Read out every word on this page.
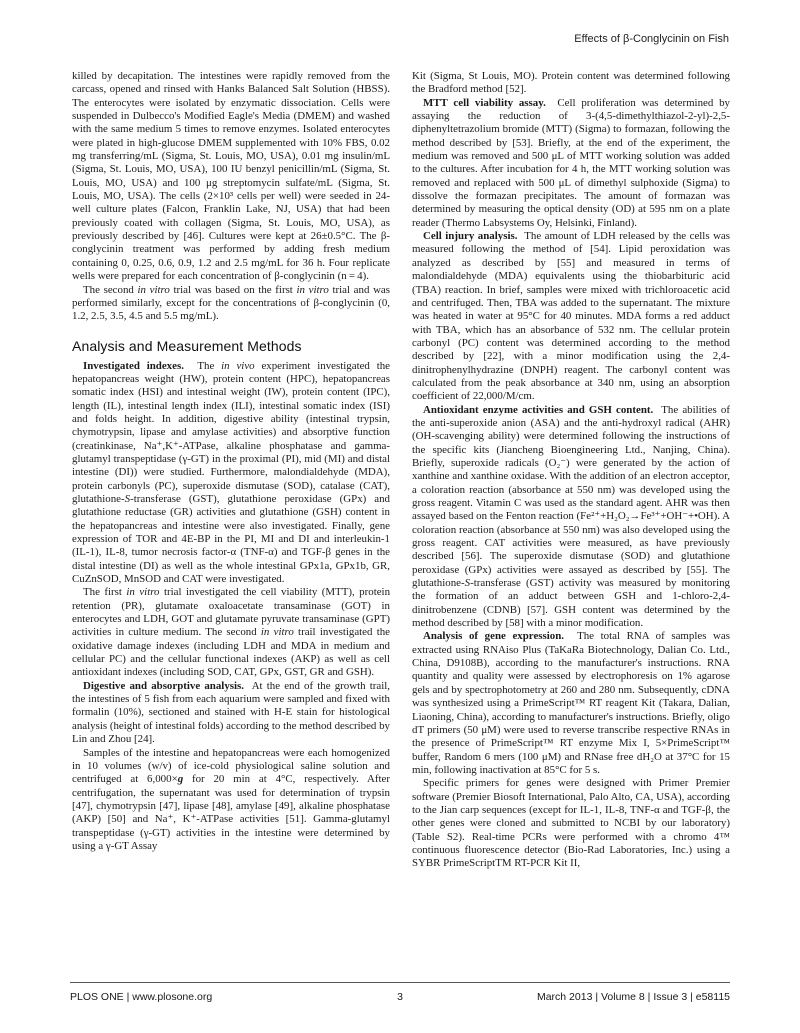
Effects of β-Conglycinin on Fish

killed by decapitation. The intestines were rapidly removed from the carcass, opened and rinsed with Hanks Balanced Salt Solution (HBSS). The enterocytes were isolated by enzymatic dissociation. Cells were suspended in Dulbecco's Modified Eagle's Media (DMEM) and washed with the same medium 5 times to remove enzymes. Isolated enterocytes were plated in high-glucose DMEM supplemented with 10% FBS, 0.02 mg transferring/mL (Sigma, St. Louis, MO, USA), 0.01 mg insulin/mL (Sigma, St. Louis, MO, USA), 100 IU benzyl penicillin/mL (Sigma, St. Louis, MO, USA) and 100 μg streptomycin sulfate/mL (Sigma, St. Louis, MO, USA). The cells (2×10³ cells per well) were seeded in 24-well culture plates (Falcon, Franklin Lake, NJ, USA) that had been previously coated with collagen (Sigma, St. Louis, MO, USA), as previously described by [46]. Cultures were kept at 26±0.5°C. The β-conglycinin treatment was performed by adding fresh medium containing 0, 0.25, 0.6, 0.9, 1.2 and 2.5 mg/mL for 36 h. Four replicate wells were prepared for each concentration of β-conglycinin (n = 4).

The second in vitro trial was based on the first in vitro trial and was performed similarly, except for the concentrations of β-conglycinin (0, 1.2, 2.5, 3.5, 4.5 and 5.5 mg/mL).

Analysis and Measurement Methods

Investigated indexes.  The in vivo experiment investigated the hepatopancreas weight (HW), protein content (HPC), hepatopancreas somatic index (HSI) and intestinal weight (IW), protein content (IPC), length (IL), intestinal length index (ILI), intestinal somatic index (ISI) and folds height. In addition, digestive ability (intestinal trypsin, chymotrypsin, lipase and amylase activities) and absorptive function (creatinkinase, Na⁺,K⁺-ATPase, alkaline phosphatase and gamma-glutamyl transpeptidase (γ-GT) in the proximal (PI), mid (MI) and distal intestine (DI)) were studied. Furthermore, malondialdehyde (MDA), protein carbonyls (PC), superoxide dismutase (SOD), catalase (CAT), glutathione-S-transferase (GST), glutathione peroxidase (GPx) and glutathione reductase (GR) activities and glutathione (GSH) content in the hepatopancreas and intestine were also investigated. Finally, gene expression of TOR and 4E-BP in the PI, MI and DI and interleukin-1 (IL-1), IL-8, tumor necrosis factor-α (TNF-α) and TGF-β genes in the distal intestine (DI) as well as the whole intestinal GPx1a, GPx1b, GR, CuZnSOD, MnSOD and CAT were investigated.

The first in vitro trial investigated the cell viability (MTT), protein retention (PR), glutamate oxaloacetate transaminase (GOT) in enterocytes and LDH, GOT and glutamate pyruvate transaminase (GPT) activities in culture medium. The second in vitro trail investigated the oxidative damage indexes (including LDH and MDA in medium and cellular PC) and the cellular functional indexes (AKP) as well as cell antioxidant indexes (including SOD, CAT, GPx, GST, GR and GSH).

Digestive and absorptive analysis.  At the end of the growth trail, the intestines of 5 fish from each aquarium were sampled and fixed with formalin (10%), sectioned and stained with H-E stain for histological analysis (height of intestinal folds) according to the method described by Lin and Zhou [24].

Samples of the intestine and hepatopancreas were each homogenized in 10 volumes (w/v) of ice-cold physiological saline solution and centrifuged at 6,000×g for 20 min at 4°C, respectively. After centrifugation, the supernatant was used for determination of trypsin [47], chymotrypsin [47], lipase [48], amylase [49], alkaline phosphatase (AKP) [50] and Na⁺, K⁺-ATPase activities [51]. Gamma-glutamyl transpeptidase (γ-GT) activities in the intestine were determined by using a γ-GT Assay

Kit (Sigma, St Louis, MO). Protein content was determined following the Bradford method [52].

MTT cell viability assay.  Cell proliferation was determined by assaying the reduction of 3-(4,5-dimethylthiazol-2-yl)-2,5-diphenyltetrazolium bromide (MTT) (Sigma) to formazan, following the method described by [53]. Briefly, at the end of the experiment, the medium was removed and 500 μL of MTT working solution was added to the cultures. After incubation for 4 h, the MTT working solution was removed and replaced with 500 μL of dimethyl sulphoxide (Sigma) to dissolve the formazan precipitates. The amount of formazan was determined by measuring the optical density (OD) at 595 nm on a plate reader (Thermo Labsystems Oy, Helsinki, Finland).

Cell injury analysis.  The amount of LDH released by the cells was measured following the method of [54]. Lipid peroxidation was analyzed as described by [55] and measured in terms of malondialdehyde (MDA) equivalents using the thiobarbituric acid (TBA) reaction. In brief, samples were mixed with trichloroacetic acid and centrifuged. Then, TBA was added to the supernatant. The mixture was heated in water at 95°C for 40 minutes. MDA forms a red adduct with TBA, which has an absorbance of 532 nm. The cellular protein carbonyl (PC) content was determined according to the method described by [22], with a minor modification using the 2,4-dinitrophenylhydrazine (DNPH) reagent. The carbonyl content was calculated from the peak absorbance at 340 nm, using an absorption coefficient of 22,000/M/cm.

Antioxidant enzyme activities and GSH content.  The abilities of the anti-superoxide anion (ASA) and the anti-hydroxyl radical (AHR) (OH-scavenging ability) were determined following the instructions of the specific kits (Jiancheng Bioengineering Ltd., Nanjing, China). Briefly, superoxide radicals (O₂⁻) were generated by the action of xanthine and xanthine oxidase. With the addition of an electron acceptor, a coloration reaction (absorbance at 550 nm) was developed using the gross reagent. Vitamin C was used as the standard agent. AHR was then assayed based on the Fenton reaction (Fe²⁺+H₂O₂→Fe³⁺+OH⁻+•OH). A coloration reaction (absorbance at 550 nm) was also developed using the gross reagent. CAT activities were measured, as have previously described [56]. The superoxide dismutase (SOD) and glutathione peroxidase (GPx) activities were assayed as described by [55]. The glutathione-S-transferase (GST) activity was measured by monitoring the formation of an adduct between GSH and 1-chloro-2,4-dinitrobenzene (CDNB) [57]. GSH content was determined by the method described by [58] with a minor modification.

Analysis of gene expression.  The total RNA of samples was extracted using RNAiso Plus (TaKaRa Biotechnology, Dalian Co. Ltd., China, D9108B), according to the manufacturer's instructions. RNA quantity and quality were assessed by electrophoresis on 1% agarose gels and by spectrophotometry at 260 and 280 nm. Subsequently, cDNA was synthesized using a PrimeScript™ RT reagent Kit (Takara, Dalian, Liaoning, China), according to manufacturer's instructions. Briefly, oligo dT primers (50 μM) were used to reverse transcribe respective RNAs in the presence of PrimeScript™ RT enzyme Mix I, 5×PrimeScript™ buffer, Random 6 mers (100 μM) and RNase free dH₂O at 37°C for 15 min, following inactivation at 85°C for 5 s.

Specific primers for genes were designed with Primer Premier software (Premier Biosoft International, Palo Alto, CA, USA), according to the Jian carp sequences (except for IL-1, IL-8, TNF-α and TGF-β, the other genes were cloned and submitted to NCBI by our laboratory) (Table S2). Real-time PCRs were performed with a chromo 4™ continuous fluorescence detector (Bio-Rad Laboratories, Inc.) using a SYBR PrimeScriptTM RT-PCR Kit II,

PLOS ONE | www.plosone.org	3	March 2013 | Volume 8 | Issue 3 | e58115
